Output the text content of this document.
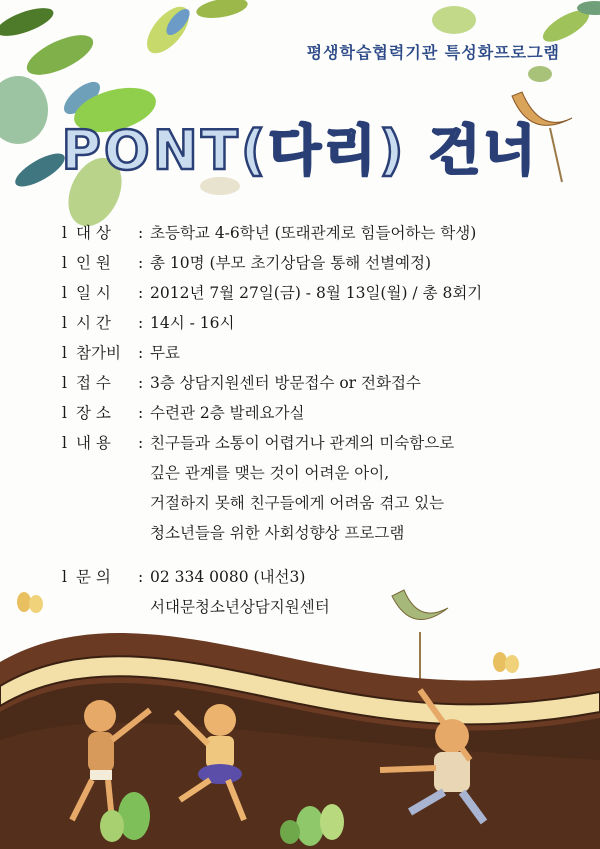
평생학습협력기관 특성화프로그램
PONT(다리) 건너
l 대 상	: 초등학교 4-6학년 (또래관계로 힘들어하는 학생)
l 인 원	: 총 10명 (부모 초기상담을 통해 선별예정)
l 일 시	: 2012년 7월 27일(금) - 8월 13일(월) / 총 8회기
l 시 간	: 14시 - 16시
l 참가비	: 무료
l 접 수	: 3층 상담지원센터 방문접수 or 전화접수
l 장 소	: 수련관 2층 발레요가실
l 내 용	: 친구들과 소통이 어렵거나 관계의 미숙함으로
깊은 관계를 맺는 것이 어려운 아이,
거절하지 못해 친구들에게 어려움 겪고 있는
청소년들을 위한 사회성향상 프로그램
l 문 의	: 02 334 0080 (내선3)
서대문청소년상담지원센터
